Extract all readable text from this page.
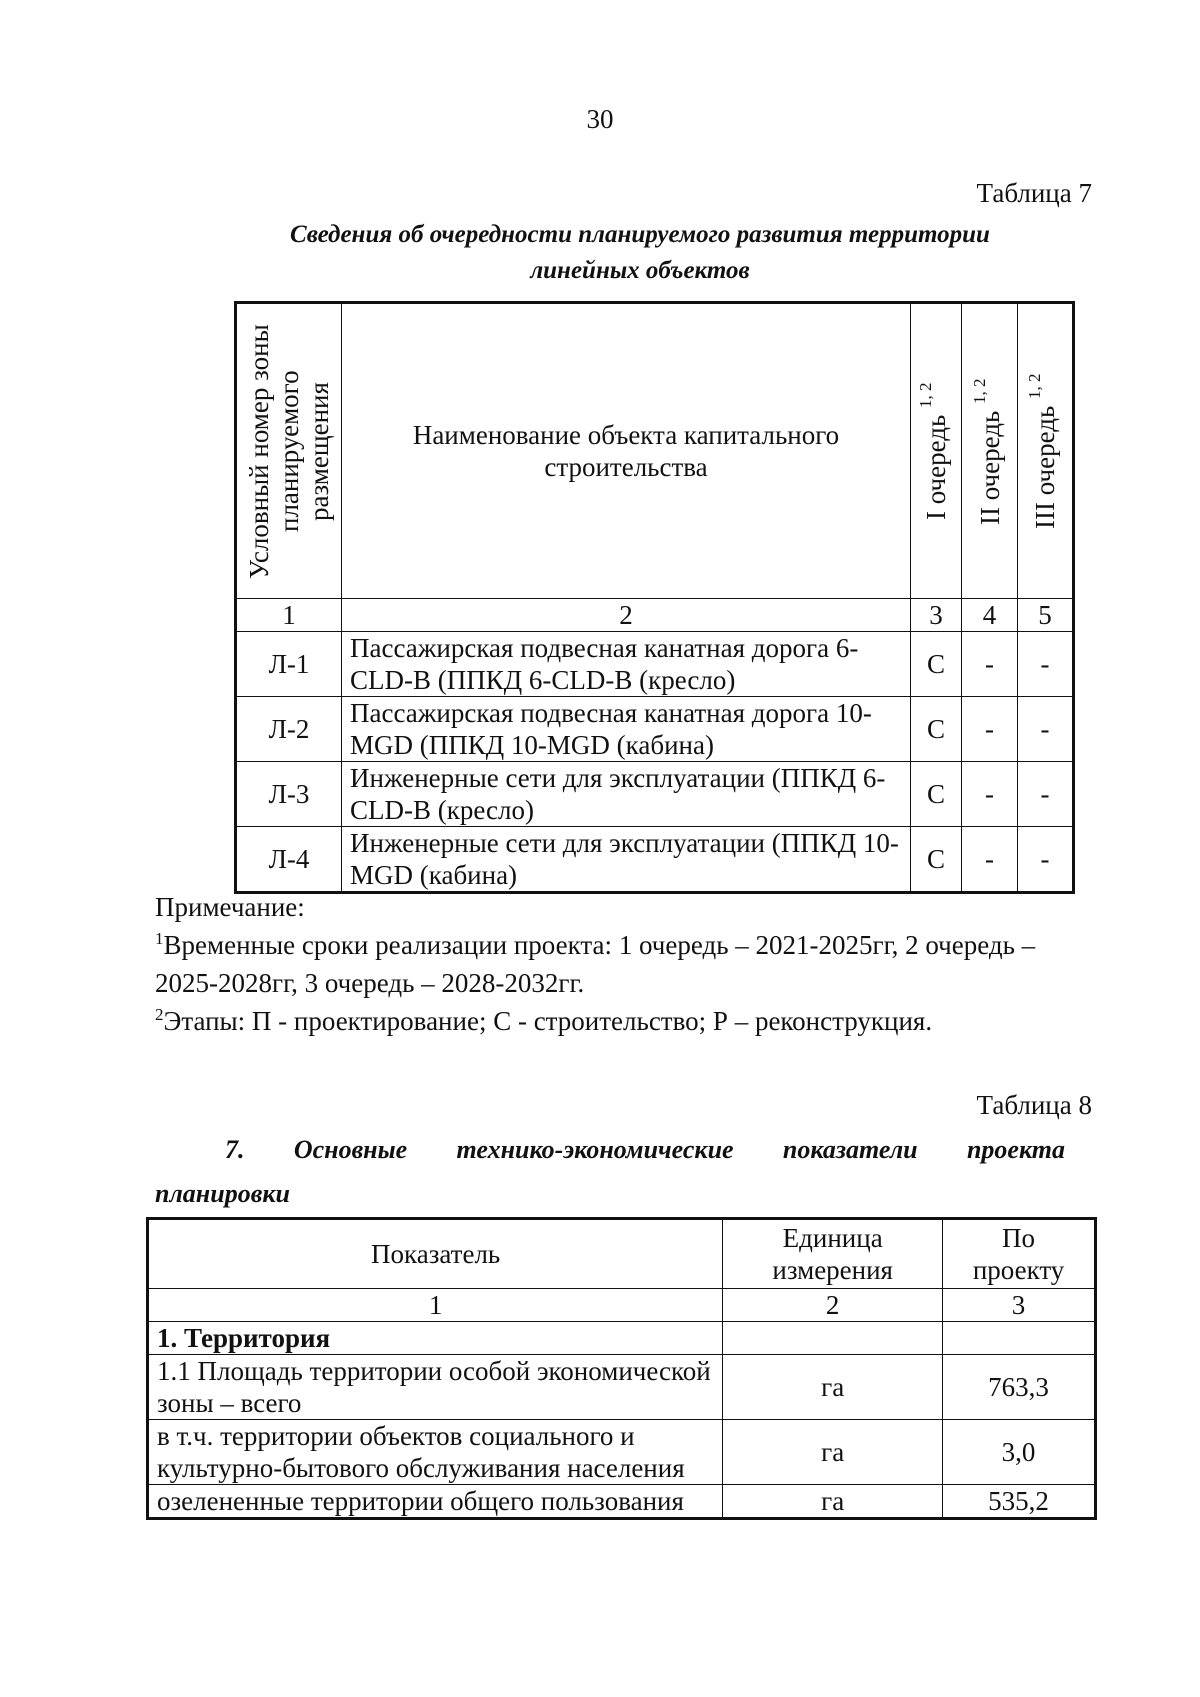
30
Таблица 7
Сведения об очередности планируемого развития территории
линейных объектов
Условный номер зоны планируемого размещения	Наименование объекта капитального строительства	I очередь $^{1, 2}$	II очередь $^{1, 2}$	III очередь $^{1, 2}$

1	2	3	4	5
Л-1	Пассажирская подвесная канатная дорога 6-CLD-B (ППКД 6-CLD-B (кресло)	С	-	-
Л-2	Пассажирская подвесная канатная дорога 10-MGD (ППКД 10-MGD (кабина)	С	-	-
Л-3	Инженерные сети для эксплуатации (ППКД 6-CLD-B (кресло)	С	-	-
Л-4	Инженерные сети для эксплуатации (ППКД 10-MGD (кабина)	С	-	-
Примечание:
$^1$Временные сроки реализации проекта: 1 очередь – 2021-2025гг, 2 очередь – 2025-2028гг, 3 очередь – 2028-2032гг.
$^2$Этапы: П - проектирование; С - строительство; Р – реконструкция.
Таблица 8
7. Основные технико-экономические показатели проекта
планировки
Показатель	Единица измерения	По проекту
1	2	3
1. Территория		
1.1 Площадь территории особой экономической зоны – всего	га	763,3
в т.ч. территории объектов социального и культурно-бытового обслуживания населения	га	3,0
озелененные территории общего пользования	га	535,2
